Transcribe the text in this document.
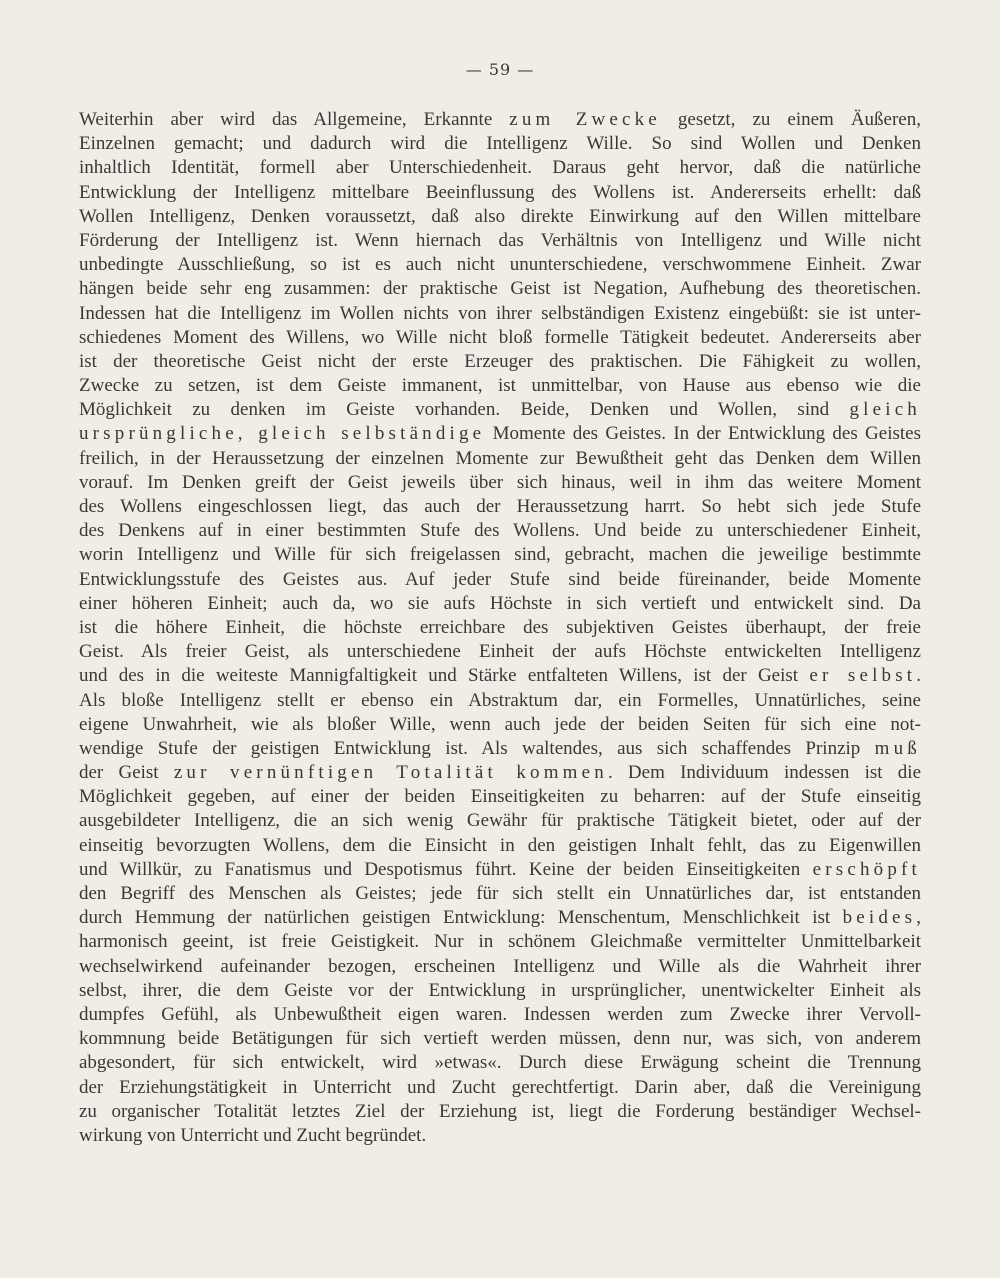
— 59 —
Weiterhin aber wird das Allgemeine, Erkannte zum Zwecke gesetzt, zu einem Äußeren,
Einzelnen gemacht; und dadurch wird die Intelligenz Wille. So sind Wollen und Denken
inhaltlich Identität, formell aber Unterschiedenheit. Daraus geht hervor, daß die natürliche
Entwicklung der Intelligenz mittelbare Beeinflussung des Wollens ist. Andererseits erhellt: daß
Wollen Intelligenz, Denken voraussetzt, daß also direkte Einwirkung auf den Willen mittelbare
Förderung der Intelligenz ist. Wenn hiernach das Verhältnis von Intelligenz und Wille nicht
unbedingte Ausschließung, so ist es auch nicht ununterschiedene, verschwommene Einheit. Zwar
hängen beide sehr eng zusammen: der praktische Geist ist Negation, Aufhebung des theoretischen.
Indessen hat die Intelligenz im Wollen nichts von ihrer selbständigen Existenz eingebüßt: sie ist unter-
schiedenes Moment des Willens, wo Wille nicht bloß formelle Tätigkeit bedeutet. Andererseits aber
ist der theoretische Geist nicht der erste Erzeuger des praktischen. Die Fähigkeit zu wollen,
Zwecke zu setzen, ist dem Geiste immanent, ist unmittelbar, von Hause aus ebenso wie die
Möglichkeit zu denken im Geiste vorhanden. Beide, Denken und Wollen, sind gleich
ursprüngliche, gleich selbständige Momente des Geistes. In der Entwicklung des Geistes
freilich, in der Heraussetzung der einzelnen Momente zur Bewußtheit geht das Denken dem Willen
vorauf. Im Denken greift der Geist jeweils über sich hinaus, weil in ihm das weitere Moment
des Wollens eingeschlossen liegt, das auch der Heraussetzung harrt. So hebt sich jede Stufe
des Denkens auf in einer bestimmten Stufe des Wollens. Und beide zu unterschiedener Einheit,
worin Intelligenz und Wille für sich freigelassen sind, gebracht, machen die jeweilige bestimmte
Entwicklungsstufe des Geistes aus. Auf jeder Stufe sind beide füreinander, beide Momente
einer höheren Einheit; auch da, wo sie aufs Höchste in sich vertieft und entwickelt sind. Da
ist die höhere Einheit, die höchste erreichbare des subjektiven Geistes überhaupt, der freie
Geist. Als freier Geist, als unterschiedene Einheit der aufs Höchste entwickelten Intelligenz
und des in die weiteste Mannigfaltigkeit und Stärke entfalteten Willens, ist der Geist er selbst.
Als bloße Intelligenz stellt er ebenso ein Abstraktum dar, ein Formelles, Unnatürliches, seine
eigene Unwahrheit, wie als bloßer Wille, wenn auch jede der beiden Seiten für sich eine not-
wendige Stufe der geistigen Entwicklung ist. Als waltendes, aus sich schaffendes Prinzip muß
der Geist zur vernünftigen Totalität kommen. Dem Individuum indessen ist die
Möglichkeit gegeben, auf einer der beiden Einseitigkeiten zu beharren: auf der Stufe einseitig
ausgebildeter Intelligenz, die an sich wenig Gewähr für praktische Tätigkeit bietet, oder auf der
einseitig bevorzugten Wollens, dem die Einsicht in den geistigen Inhalt fehlt, das zu Eigenwillen
und Willkür, zu Fanatismus und Despotismus führt. Keine der beiden Einseitigkeiten erschöpft
den Begriff des Menschen als Geistes; jede für sich stellt ein Unnatürliches dar, ist entstanden
durch Hemmung der natürlichen geistigen Entwicklung: Menschentum, Menschlichkeit ist beides,
harmonisch geeint, ist freie Geistigkeit. Nur in schönem Gleichmaße vermittelter Unmittelbarkeit
wechselwirkend aufeinander bezogen, erscheinen Intelligenz und Wille als die Wahrheit ihrer
selbst, ihrer, die dem Geiste vor der Entwicklung in ursprünglicher, unentwickelter Einheit als
dumpfes Gefühl, als Unbewußtheit eigen waren. Indessen werden zum Zwecke ihrer Vervoll-
kommnung beide Betätigungen für sich vertieft werden müssen, denn nur, was sich, von anderem
abgesondert, für sich entwickelt, wird »etwas«. Durch diese Erwägung scheint die Trennung
der Erziehungstätigkeit in Unterricht und Zucht gerechtfertigt. Darin aber, daß die Vereinigung
zu organischer Totalität letztes Ziel der Erziehung ist, liegt die Forderung beständiger Wechsel-
wirkung von Unterricht und Zucht begründet.
